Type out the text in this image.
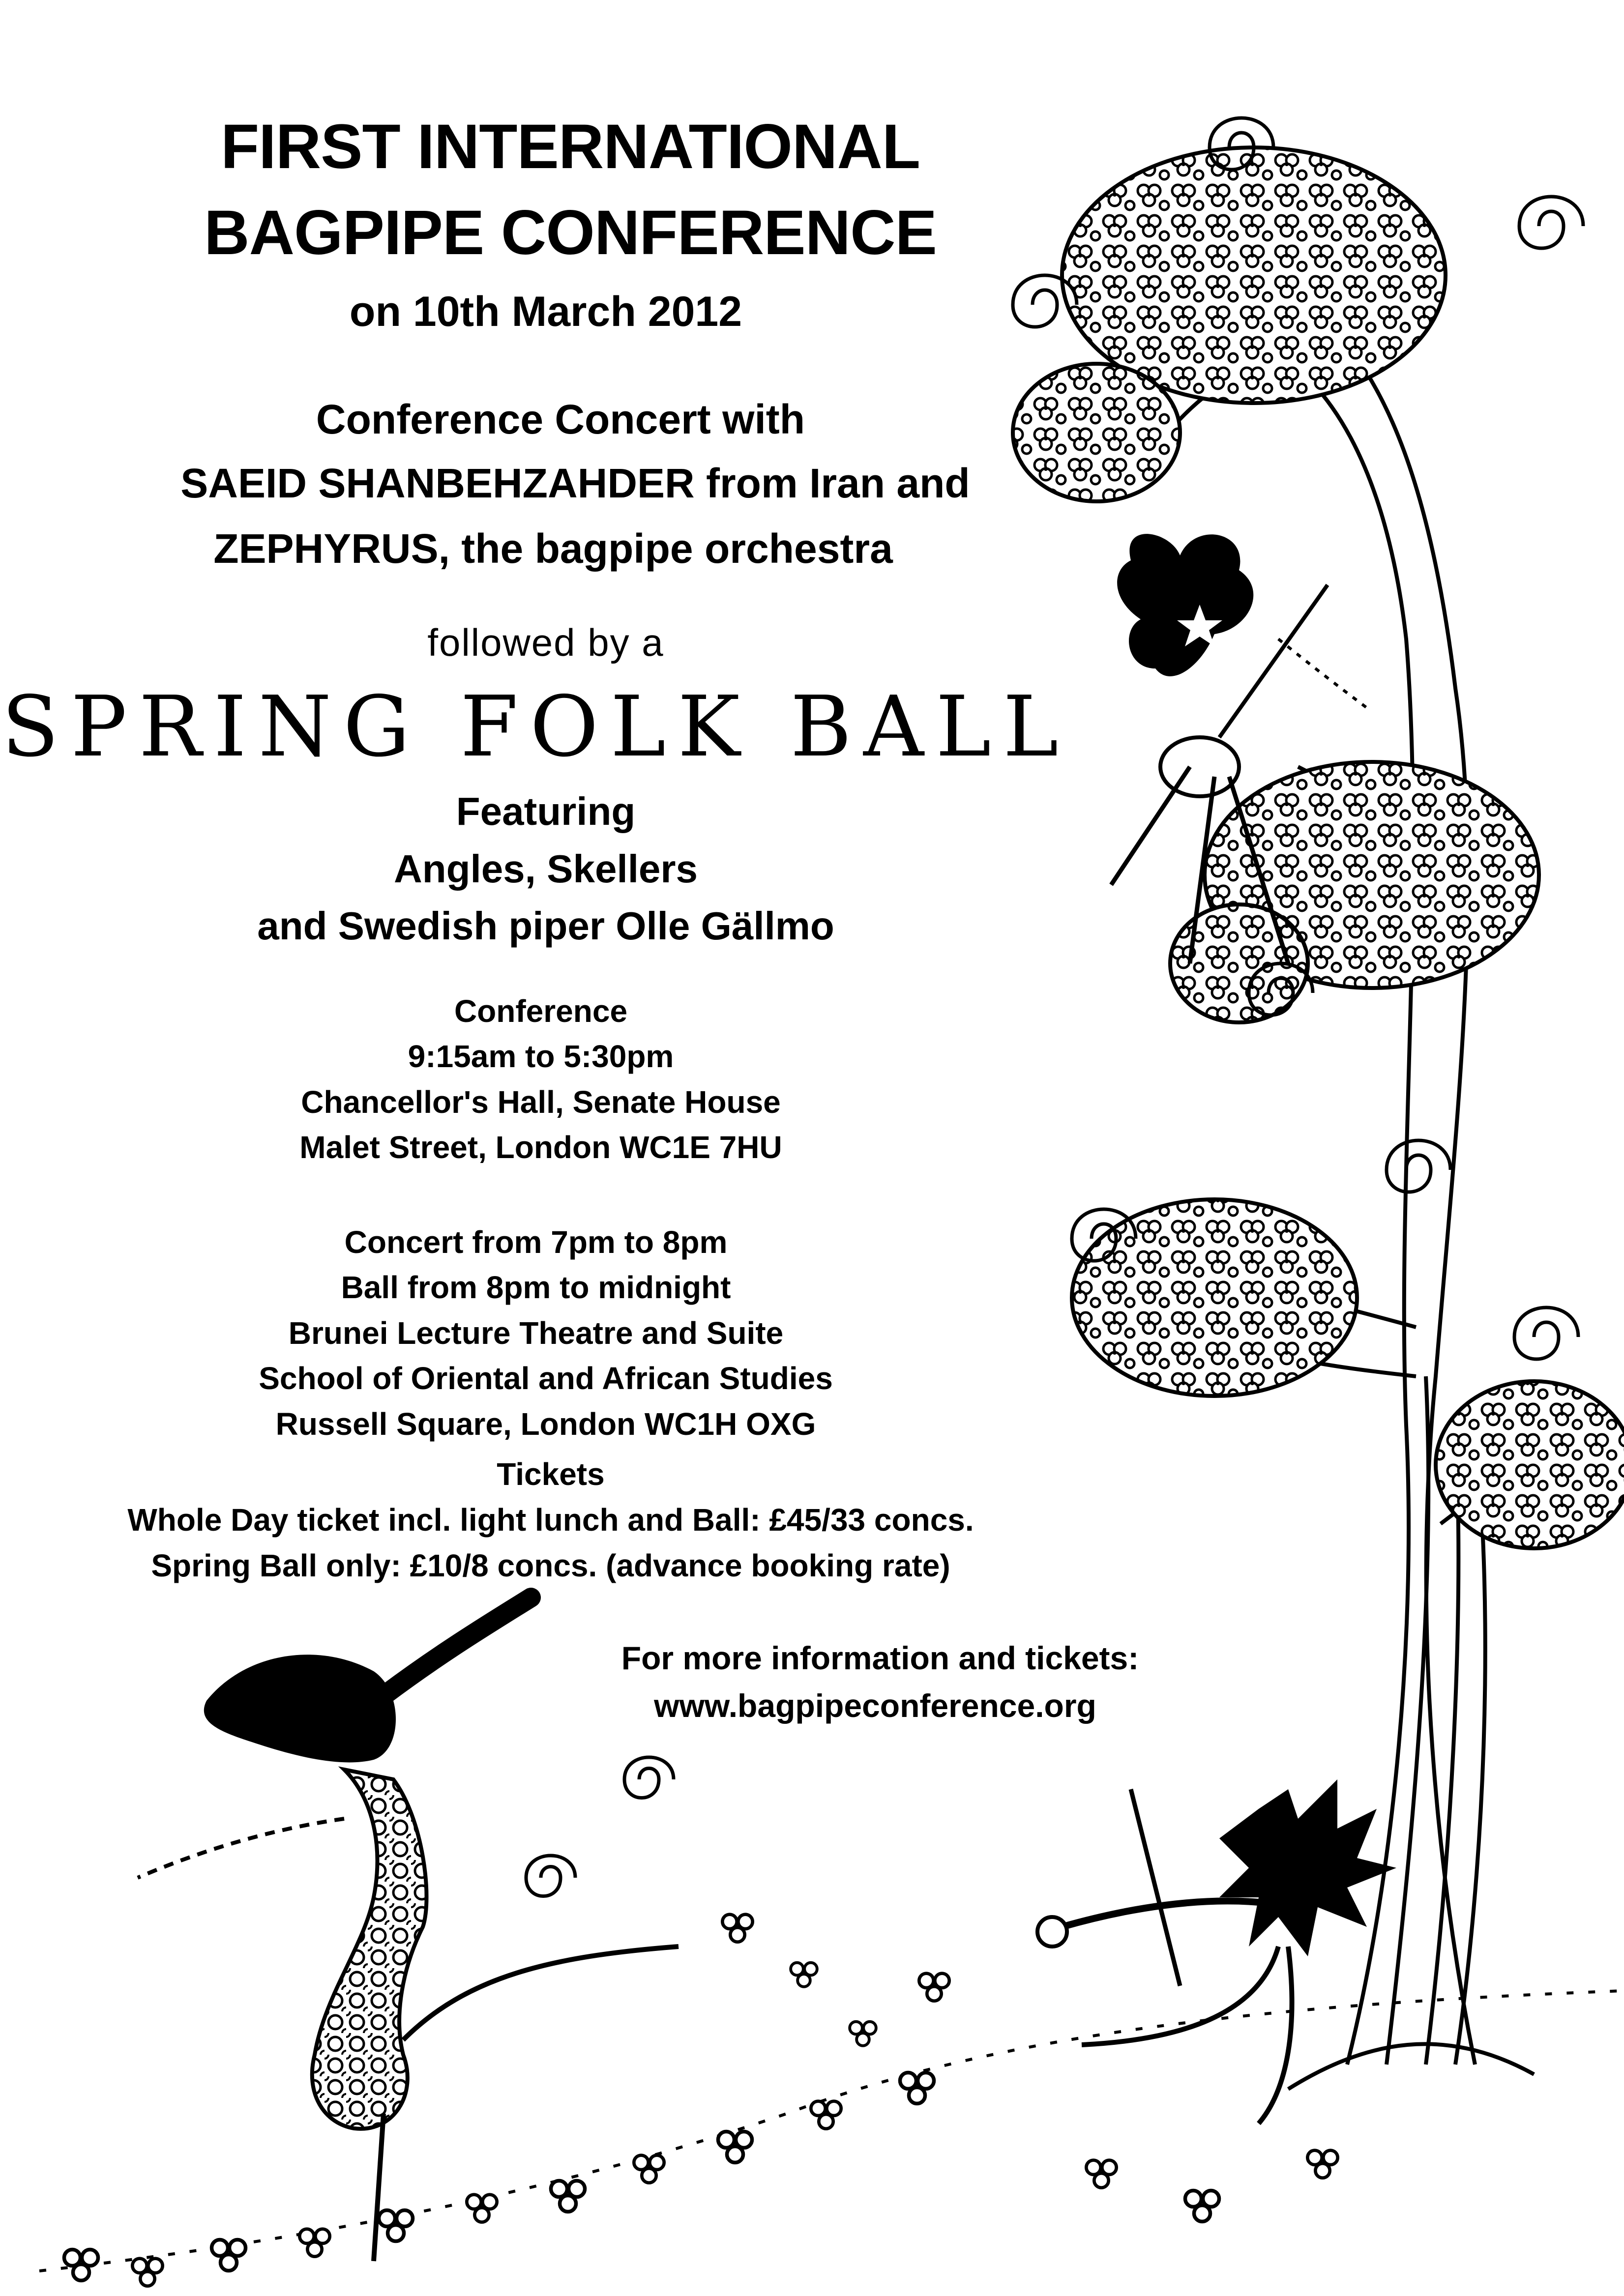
FIRST INTERNATIONAL
BAGPIPE CONFERENCE
on 10th March 2012
Conference Concert with
SAEID SHANBEHZAHDER from Iran and
ZEPHYRUS, the bagpipe orchestra
followed by a
SPRING FOLK BALL
Featuring
Angles, Skellers
and Swedish piper Olle Gällmo
Conference
9:15am to 5:30pm
Chancellor's Hall, Senate House
Malet Street, London WC1E 7HU
Concert from 7pm to 8pm
Ball from 8pm to midnight
Brunei Lecture Theatre and Suite
School of Oriental and African Studies
Russell Square, London WC1H OXG
Tickets
Whole Day ticket incl. light lunch and Ball: £45/33 concs.
Spring Ball only: £10/8 concs. (advance booking rate)
For more information and tickets:
www.bagpipeconference.org
